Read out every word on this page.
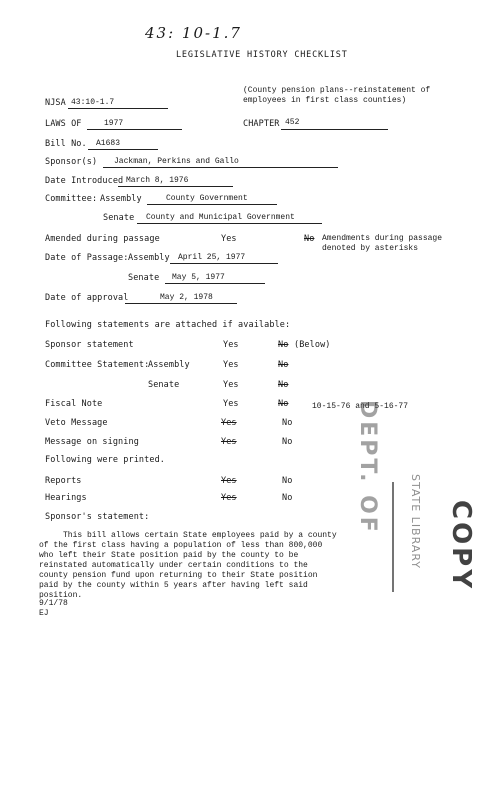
43: 10-1.7
LEGISLATIVE HISTORY CHECKLIST
(County pension plans--reinstatement of
employees in first class counties)
NJSA 43:10-1.7
LAWS OF	1977	CHAPTER 452
Bill No. A1683
Sponsor(s) Jackman, Perkins and Gallo
Date Introduced March 8, 1976
Committee: Assembly	County Government
Senate County and Municipal Government
Amended during passage	Yes	No Amendments during passage
denoted by asterisks
Date of Passage: Assembly April 25, 1977
Senate May 5, 1977
Date of approval	May 2, 1978
Following statements are attached if available:
Sponsor statement	Yes	No (Below)
Committee Statement:
Assembly	Yes	No
Senate	Yes	No
Fiscal Note	Yes	No	10-15-76 and 5-16-77
Veto Message	Yes	No
Message on signing	Yes	No
Following were printed.
Reports	Yes	No
Hearings	Yes	No
Sponsor's statement:
This bill allows certain State employees paid by a county
of the first class having a population of less than 800,000
who left their State position paid by the county to be
reinstated automatically under certain conditions to the
county pension fund upon returning to their State position
paid by the county within 5 years after having left said
position.
9/1/78
EJ
DEPT. OF	STATE LIBRARY COPY
